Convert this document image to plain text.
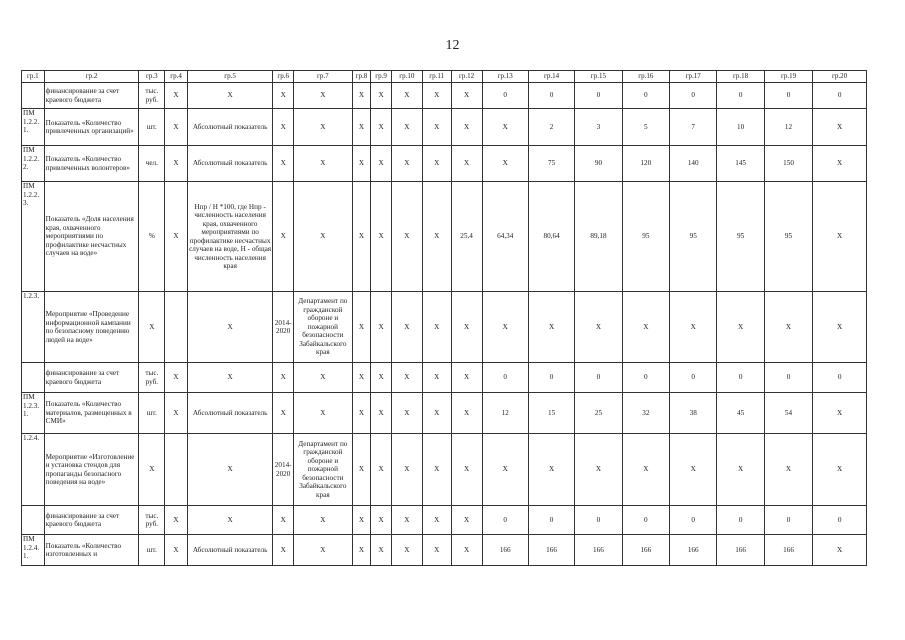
12
гр.1	гр.2	гр.3	гр.4	гр.5	гр.6	гр.7	гр.8	гр.9	гр.10	гр.11	гр.12	гр.13	гр.14	гр.15	гр.16	гр.17	гр.18	гр.19	гр.20
	финансирование за счет краевого бюджета	тыс. руб.	Х	Х	Х	Х	Х	Х	Х	Х	Х	0	0	0	0	0	0	0	0
ПМ 1.2.2. 1.	Показатель «Количество привлеченных организаций»	шт.	Х	Абсолютный показатель	Х	Х	Х	Х	Х	Х	Х	Х	2	3	5	7	10	12	Х
ПМ 1.2.2. 2.	Показатель «Количество привлеченных волонтеров»	чел.	Х	Абсолютный показатель	Х	Х	Х	Х	Х	Х	Х	Х	75	90	120	140	145	150	Х
ПМ 1.2.2. 3.	Показатель «Доля населения края, охваченного мероприятиями по профилактике несчастных случаев на воде»	%	Х	Нпр / Н *100, где Нпр - численность населения края, охваченного мероприятиями по профилактике несчастных случаев на воде, Н - общая численность населения края	Х	Х	Х	Х	Х	Х	25,4	64,34	80,64	89,18	95	95	95	95	Х
1.2.3.	Мероприятие «Проведение информационной кампании по безопасному поведению людей на воде»	Х		Х	2014-2020	Департамент по гражданской обороне и пожарной безопасности Забайкальского края	Х	Х	Х	Х	Х	Х	Х	Х	Х	Х	Х	Х	Х
	финансирование за счет краевого бюджета	тыс. руб.	Х	Х	Х	Х	Х	Х	Х	Х	Х	0	0	0	0	0	0	0	0
ПМ 1.2.3. 1.	Показатель «Количество материалов, размещенных в СМИ»	шт.	Х	Абсолютный показатель	Х	Х	Х	Х	Х	Х	Х	12	15	25	32	38	45	54	Х
1.2.4.	Мероприятие «Изготовление и установка стендов для пропаганды безопасного поведения на воде»	Х		Х	2014-2020	Департамент по гражданской обороне и пожарной безопасности Забайкальского края	Х	Х	Х	Х	Х	Х	Х	Х	Х	Х	Х	Х	Х
	финансирование за счет краевого бюджета	тыс. руб.	Х	Х	Х	Х	Х	Х	Х	Х	Х	0	0	0	0	0	0	0	0
ПМ 1.2.4. 1.	Показатель «Количество изготовленных и	шт.	Х	Абсолютный показатель	Х	Х	Х	Х	Х	Х	Х	166	166	166	166	166	166	166	Х
